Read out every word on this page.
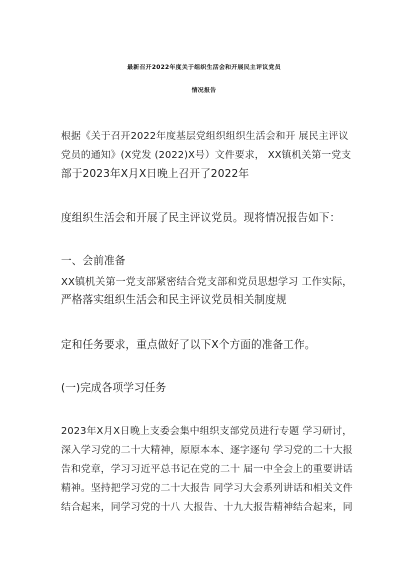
最新召开2022年度关于组织生活会和开展民主评议党员
情况报告
根据《关于召开2022年度基层党组织组织生活会和开 展民主评议
党员的通知》(X党发 (2022)X号）文件要求， XX镇机关第一党支
部于2023年X月X日晚上召开了2022年
度组织生活会和开展了民主评议党员。现将情况报告如下：
一、会前准备
XX镇机关第一党支部紧密结合党支部和党员思想学习 工作实际，
严格落实组织生活会和民主评议党员相关制度规
定和任务要求，重点做好了以下X个方面的准备工作。
(一)完成各项学习任务
2023年X月X日晚上支委会集中组织支部党员进行专题 学习研讨，
深入学习党的二十大精神，原原本本、逐字逐句 学习党的二十大报
告和党章，学习习近平总书记在党的二十 届一中全会上的重要讲话
精神。坚持把学习党的二十大报告 同学习大会系列讲话和相关文件
结合起来，同学习党的十八 大报告、十九大报告精神结合起来，同
